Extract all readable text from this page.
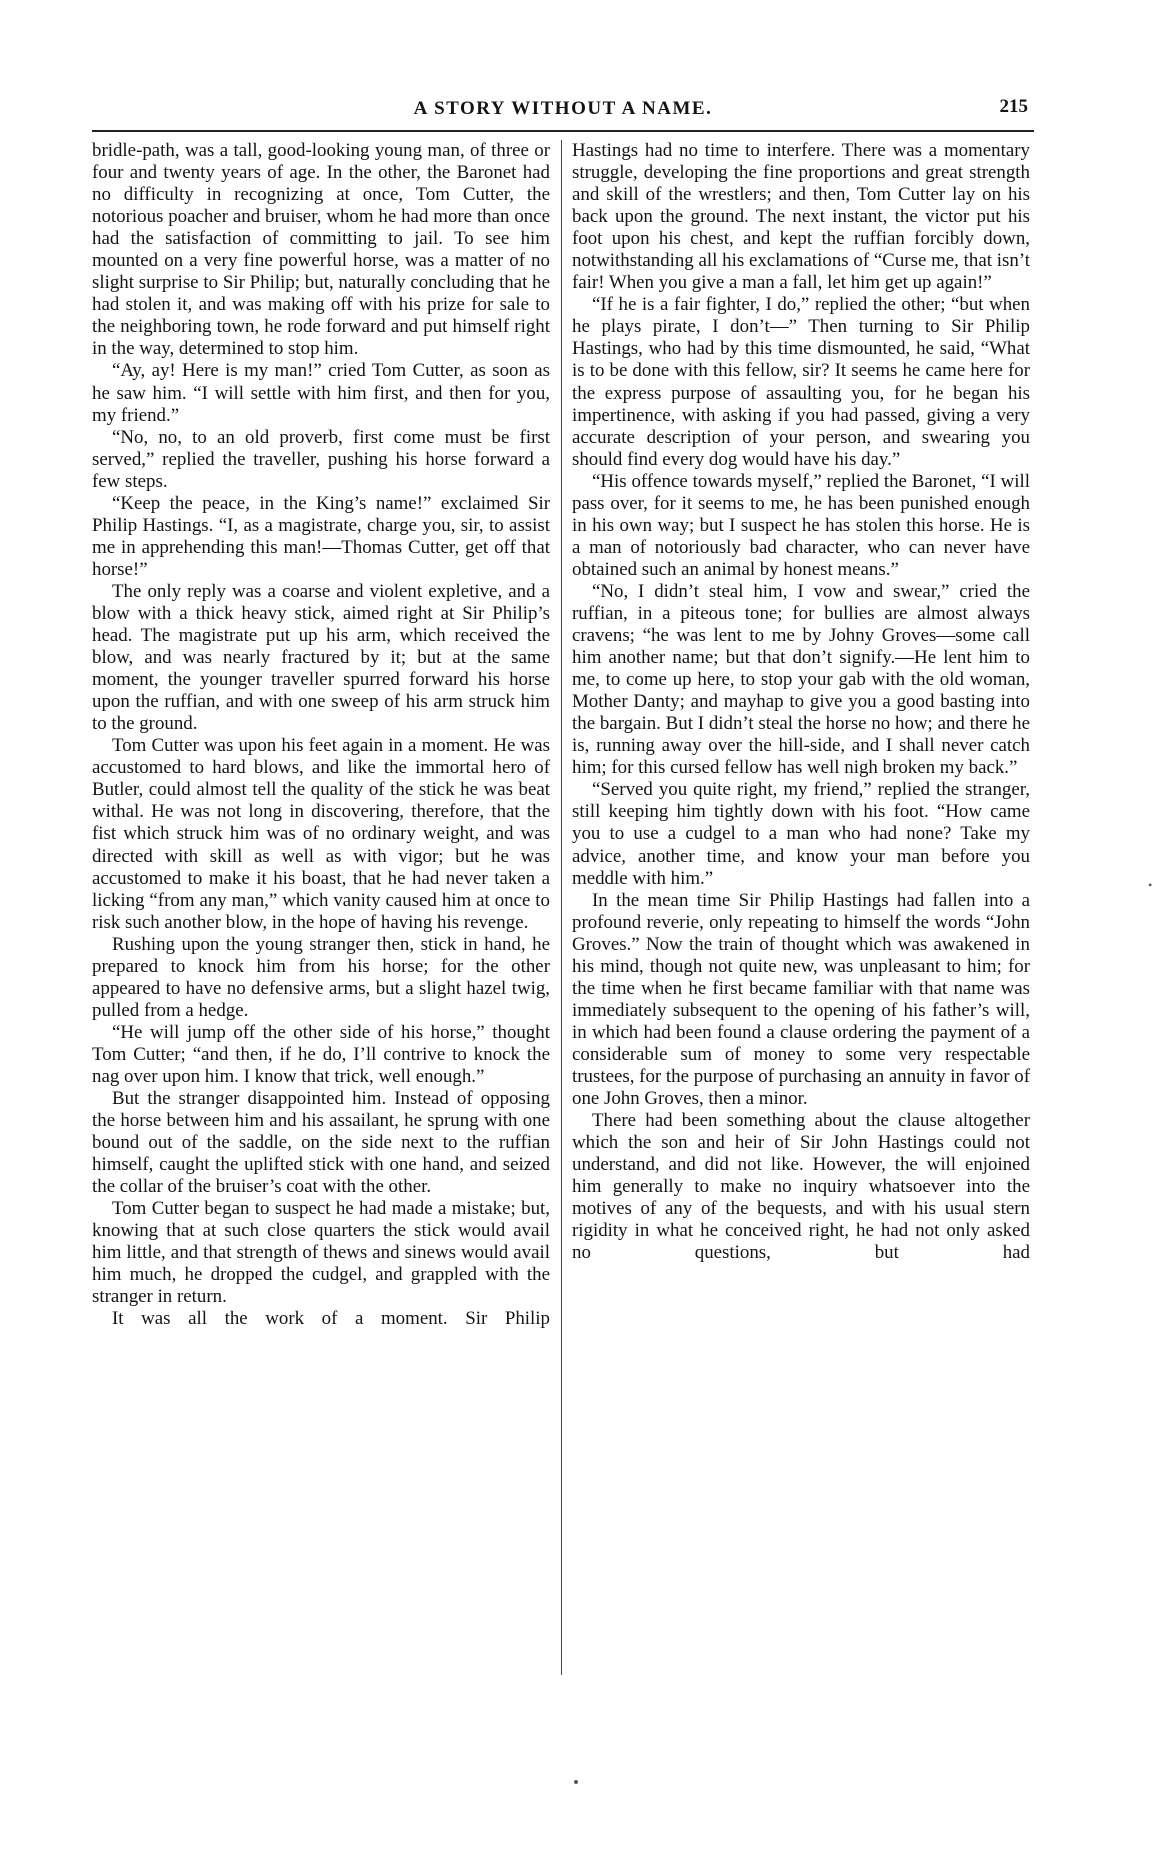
A STORY WITHOUT A NAME.	215

bridle-path, was a tall, good-looking young man, of three or four and twenty years of age. In the other, the Baronet had no difficulty in recognizing at once, Tom Cutter, the notorious poacher and bruiser, whom he had more than once had the satisfaction of committing to jail. To see him mounted on a very fine powerful horse, was a matter of no slight surprise to Sir Philip; but, naturally concluding that he had stolen it, and was making off with his prize for sale to the neighboring town, he rode forward and put himself right in the way, determined to stop him.

“Ay, ay! Here is my man!” cried Tom Cutter, as soon as he saw him. “I will settle with him first, and then for you, my friend.”

“No, no, to an old proverb, first come must be first served,” replied the traveller, pushing his horse forward a few steps.

“Keep the peace, in the King’s name!” exclaimed Sir Philip Hastings. “I, as a magistrate, charge you, sir, to assist me in apprehending this man!—Thomas Cutter, get off that horse!”

The only reply was a coarse and violent expletive, and a blow with a thick heavy stick, aimed right at Sir Philip’s head. The magistrate put up his arm, which received the blow, and was nearly fractured by it; but at the same moment, the younger traveller spurred forward his horse upon the ruffian, and with one sweep of his arm struck him to the ground.

Tom Cutter was upon his feet again in a moment. He was accustomed to hard blows, and like the immortal hero of Butler, could almost tell the quality of the stick he was beat withal. He was not long in discovering, therefore, that the fist which struck him was of no ordinary weight, and was directed with skill as well as with vigor; but he was accustomed to make it his boast, that he had never taken a licking “from any man,” which vanity caused him at once to risk such another blow, in the hope of having his revenge.

Rushing upon the young stranger then, stick in hand, he prepared to knock him from his horse; for the other appeared to have no defensive arms, but a slight hazel twig, pulled from a hedge.

“He will jump off the other side of his horse,” thought Tom Cutter; “and then, if he do, I’ll contrive to knock the nag over upon him. I know that trick, well enough.”

But the stranger disappointed him. Instead of opposing the horse between him and his assailant, he sprung with one bound out of the saddle, on the side next to the ruffian himself, caught the uplifted stick with one hand, and seized the collar of the bruiser’s coat with the other.

Tom Cutter began to suspect he had made a mistake; but, knowing that at such close quarters the stick would avail him little, and that strength of thews and sinews would avail him much, he dropped the cudgel, and grappled with the stranger in return.

It was all the work of a moment. Sir Philip

Hastings had no time to interfere. There was a momentary struggle, developing the fine proportions and great strength and skill of the wrestlers; and then, Tom Cutter lay on his back upon the ground. The next instant, the victor put his foot upon his chest, and kept the ruffian forcibly down, notwithstanding all his exclamations of “Curse me, that isn’t fair! When you give a man a fall, let him get up again!”

“If he is a fair fighter, I do,” replied the other; “but when he plays pirate, I don’t—” Then turning to Sir Philip Hastings, who had by this time dismounted, he said, “What is to be done with this fellow, sir? It seems he came here for the express purpose of assaulting you, for he began his impertinence, with asking if you had passed, giving a very accurate description of your person, and swearing you should find every dog would have his day.”

“His offence towards myself,” replied the Baronet, “I will pass over, for it seems to me, he has been punished enough in his own way; but I suspect he has stolen this horse. He is a man of notoriously bad character, who can never have obtained such an animal by honest means.”

“No, I didn’t steal him, I vow and swear,” cried the ruffian, in a piteous tone; for bullies are almost always cravens; “he was lent to me by Johny Groves—some call him another name; but that don’t signify.—He lent him to me, to come up here, to stop your gab with the old woman, Mother Danty; and mayhap to give you a good basting into the bargain. But I didn’t steal the horse no how; and there he is, running away over the hill-side, and I shall never catch him; for this cursed fellow has well nigh broken my back.”

“Served you quite right, my friend,” replied the stranger, still keeping him tightly down with his foot. “How came you to use a cudgel to a man who had none? Take my advice, another time, and know your man before you meddle with him.”

In the mean time Sir Philip Hastings had fallen into a profound reverie, only repeating to himself the words “John Groves.” Now the train of thought which was awakened in his mind, though not quite new, was unpleasant to him; for the time when he first became familiar with that name was immediately subsequent to the opening of his father’s will, in which had been found a clause ordering the payment of a considerable sum of money to some very respectable trustees, for the purpose of purchasing an annuity in favor of one John Groves, then a minor.

There had been something about the clause altogether which the son and heir of Sir John Hastings could not understand, and did not like. However, the will enjoined him generally to make no inquiry whatsoever into the motives of any of the bequests, and with his usual stern rigidity in what he conceived right, he had not only asked no questions, but had

•
